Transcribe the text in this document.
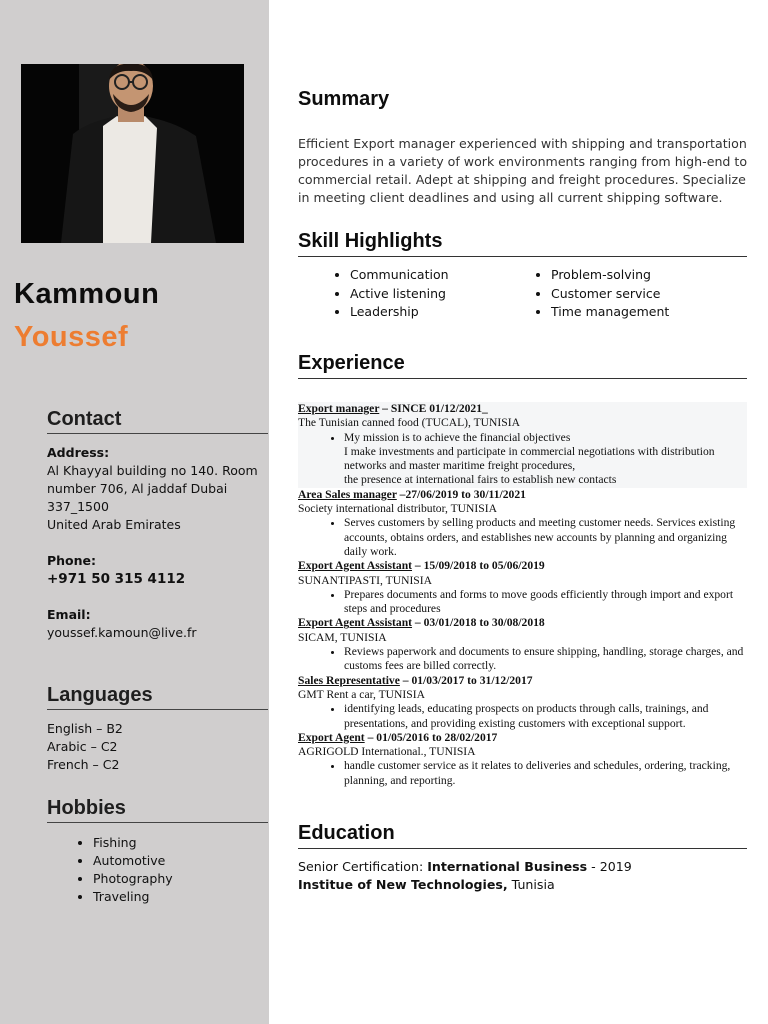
Kammoun
Youssef
Contact
Address:
Al Khayyal building no 140. Room number 706, Al jaddaf Dubai 337_1500
United Arab Emirates
Phone:
+971 50 315 4112
Email:
youssef.kamoun@live.fr
Languages
English – B2
Arabic – C2
French – C2
Hobbies
• Fishing
• Automotive
• Photography
• Traveling
Summary
Efficient Export manager experienced with shipping and transportation procedures in a variety of work environments ranging from high-end to commercial retail. Adept at shipping and freight procedures. Specialize in meeting client deadlines and using all current shipping software.
Skill Highlights
• Communication
• Active listening
• Leadership
• Problem-solving
• Customer service
• Time management
Experience
Export manager – SINCE 01/12/2021_
The Tunisian canned food (TUCAL), TUNISIA
• My mission is to achieve the financial objectives
I make investments and participate in commercial negotiations with distribution networks and master maritime freight procedures,
the presence at international fairs to establish new contacts
Area Sales manager –27/06/2019 to 30/11/2021
Society international distributor, TUNISIA
• Serves customers by selling products and meeting customer needs. Services existing accounts, obtains orders, and establishes new accounts by planning and organizing daily work.
Export Agent Assistant – 15/09/2018 to 05/06/2019
SUNANTIPASTI, TUNISIA
• Prepares documents and forms to move goods efficiently through import and export steps and procedures
Export Agent Assistant – 03/01/2018 to 30/08/2018
SICAM, TUNISIA
• Reviews paperwork and documents to ensure shipping, handling, storage charges, and customs fees are billed correctly.
Sales Representative – 01/03/2017 to 31/12/2017
GMT Rent a car, TUNISIA
• identifying leads, educating prospects on products through calls, trainings, and presentations, and providing existing customers with exceptional support.
Export Agent – 01/05/2016 to 28/02/2017
AGRIGOLD International., TUNISIA
• handle customer service as it relates to deliveries and schedules, ordering, tracking, planning, and reporting.
Education
Senior Certification: International Business - 2019
Institue of New Technologies, Tunisia
